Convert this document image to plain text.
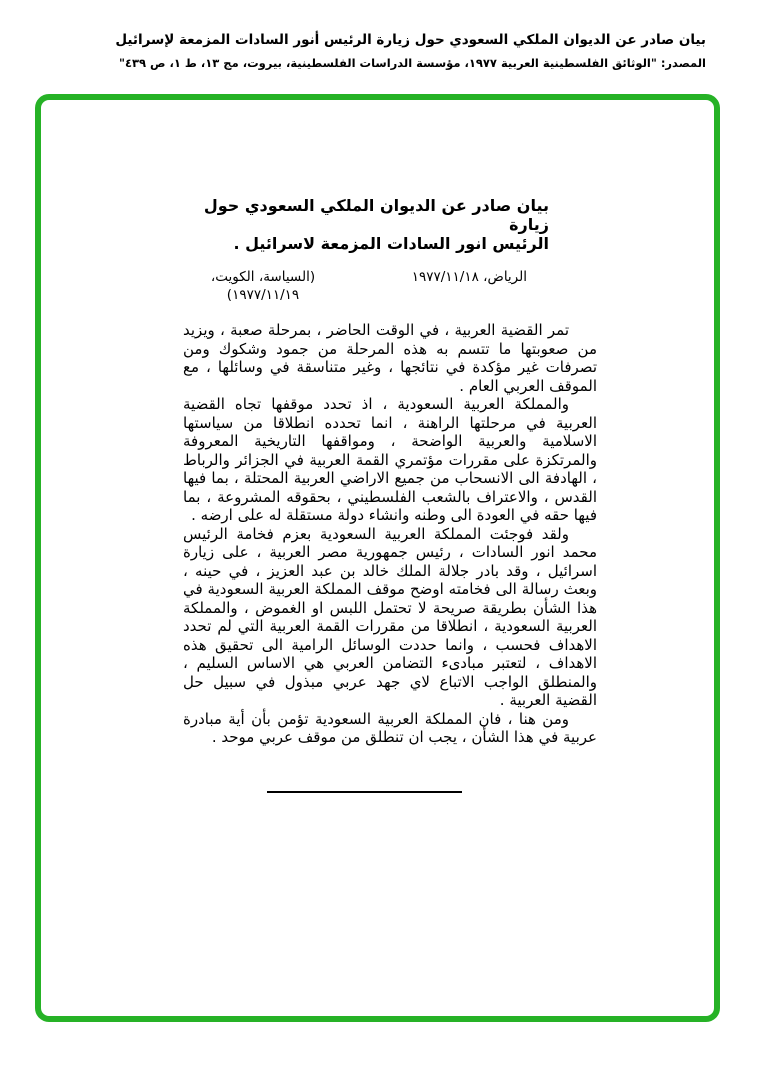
بيان صادر عن الديوان الملكي السعودي حول زيارة الرئيس أنور السادات المزمعة لإسرائيل
المصدر: "الوثائق الفلسطينية العربية ١٩٧٧، مؤسسة الدراسات الفلسطينية، بيروت، مج ١٣، ط ١، ص ٤٣٩"
بيان صادر عن الديوان الملكي السعودي حول زيارة
الرئيس انور السادات المزمعة لاسرائيل .
الرياض، ١٩٧٧/١١/١٨
(السياسة، الكويت، ١٩٧٧/١١/١٩)

تمر القضية العربية ، في الوقت الحاضر ، بمرحلة صعبة ، ويزيد من صعوبتها ما تتسم به هذه المرحلة من جمود وشكوك ومن تصرفات غير مؤكدة في نتائجها ، وغير متناسقة في وسائلها ، مع الموقف العربي العام .

والمملكة العربية السعودية ، اذ تحدد موقفها تجاه القضية العربية في مرحلتها الراهنة ، انما تحدده انطلاقا من سياستها الاسلامية والعربية الواضحة ، ومواقفها التاريخية المعروفة والمرتكزة على مقررات مؤتمري القمة العربية في الجزائر والرباط ، الهادفة الى الانسحاب من جميع الاراضي العربية المحتلة ، بما فيها القدس ، والاعتراف بالشعب الفلسطيني ، بحقوقه المشروعة ، بما فيها حقه في العودة الى وطنه وانشاء دولة مستقلة له على ارضه .

ولقد فوجئت المملكة العربية السعودية بعزم فخامة الرئيس محمد انور السادات ، رئيس جمهورية مصر العربية ، على زيارة اسرائيل ، وقد بادر جلالة الملك خالد بن عبد العزيز ، في حينه ، وبعث رسالة الى فخامته اوضح موقف المملكة العربية السعودية في هذا الشأن بطريقة صريحة لا تحتمل اللبس او الغموض ، والمملكة العربية السعودية ، انطلاقا من مقررات القمة العربية التي لم تحدد الاهداف فحسب ، وانما حددت الوسائل الرامية الى تحقيق هذه الاهداف ، لتعتبر مبادىء التضامن العربي هي الاساس السليم ، والمنطلق الواجب الاتباع لاي جهد عربي مبذول في سبيل حل القضية العربية .

ومن هنا ، فان المملكة العربية السعودية تؤمن بأن أية مبادرة عربية في هذا الشأن ، يجب ان تنطلق من موقف عربي موحد .
